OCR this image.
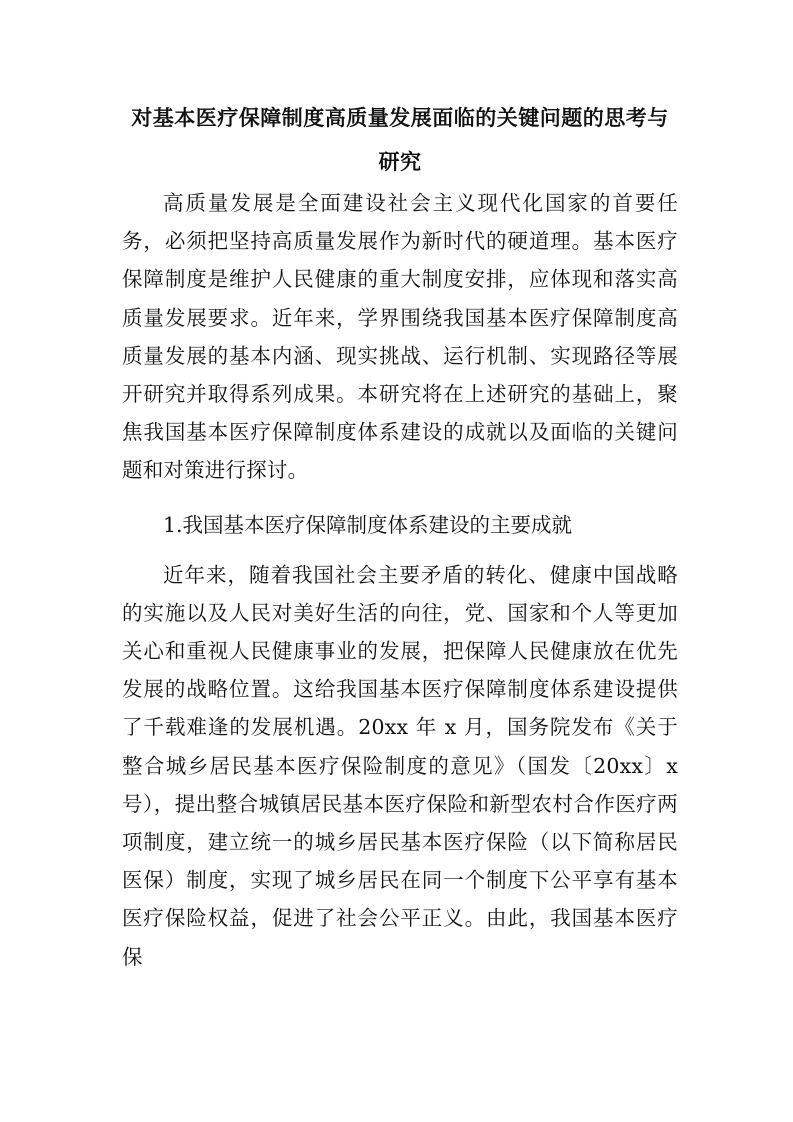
对基本医疗保障制度高质量发展面临的关键问题的思考与研究

高质量发展是全面建设社会主义现代化国家的首要任务，必须把坚持高质量发展作为新时代的硬道理。基本医疗保障制度是维护人民健康的重大制度安排，应体现和落实高质量发展要求。近年来，学界围绕我国基本医疗保障制度高质量发展的基本内涵、现实挑战、运行机制、实现路径等展开研究并取得系列成果。本研究将在上述研究的基础上，聚焦我国基本医疗保障制度体系建设的成就以及面临的关键问题和对策进行探讨。

1.我国基本医疗保障制度体系建设的主要成就

近年来，随着我国社会主要矛盾的转化、健康中国战略的实施以及人民对美好生活的向往，党、国家和个人等更加关心和重视人民健康事业的发展，把保障人民健康放在优先发展的战略位置。这给我国基本医疗保障制度体系建设提供了千载难逢的发展机遇。20xx 年 x 月，国务院发布《关于整合城乡居民基本医疗保险制度的意见》（国发〔20xx〕x 号），提出整合城镇居民基本医疗保险和新型农村合作医疗两项制度，建立统一的城乡居民基本医疗保险（以下简称居民医保）制度，实现了城乡居民在同一个制度下公平享有基本医疗保险权益，促进了社会公平正义。由此，我国基本医疗保
